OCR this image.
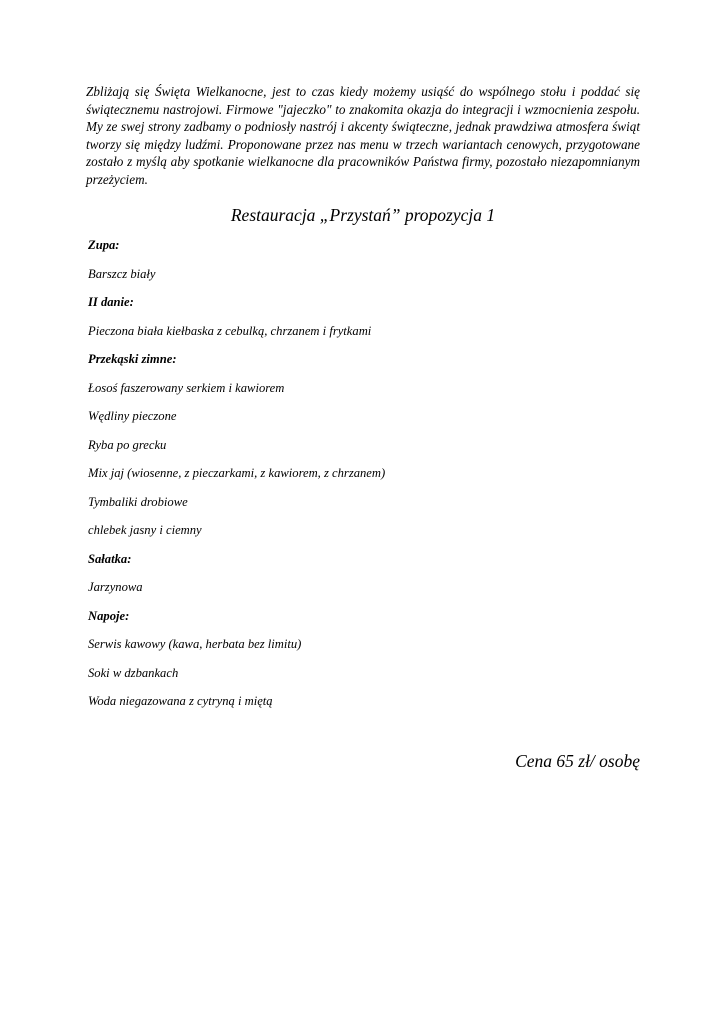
Zbliżają się Święta Wielkanocne, jest to czas kiedy możemy usiąść do wspólnego stołu i poddać się świątecznemu nastrojowi. Firmowe "jajeczko" to znakomita okazja do integracji i wzmocnienia zespołu. My ze swej strony zadbamy o podniosły nastrój i akcenty świąteczne, jednak prawdziwa atmosfera świąt tworzy się między ludźmi. Proponowane przez nas menu w trzech wariantach cenowych, przygotowane zostało z myślą aby spotkanie wielkanocne dla pracowników Państwa firmy, pozostało niezapomnianym przeżyciem.

Restauracja „Przystań” propozycja 1
Zupa:
Barszcz biały
II danie:
Pieczona biała kiełbaska z cebulką, chrzanem i frytkami
Przekąski zimne:
Łosoś faszerowany serkiem i kawiorem
Wędliny pieczone
Ryba po grecku
Mix jaj (wiosenne, z pieczarkami, z kawiorem, z chrzanem)
Tymbaliki drobiowe
chlebek jasny i ciemny
Sałatka:
Jarzynowa
Napoje:
Serwis kawowy (kawa, herbata bez limitu)
Soki w dzbankach
Woda niegazowana z cytryną i miętą

Cena 65 zł/ osobę
